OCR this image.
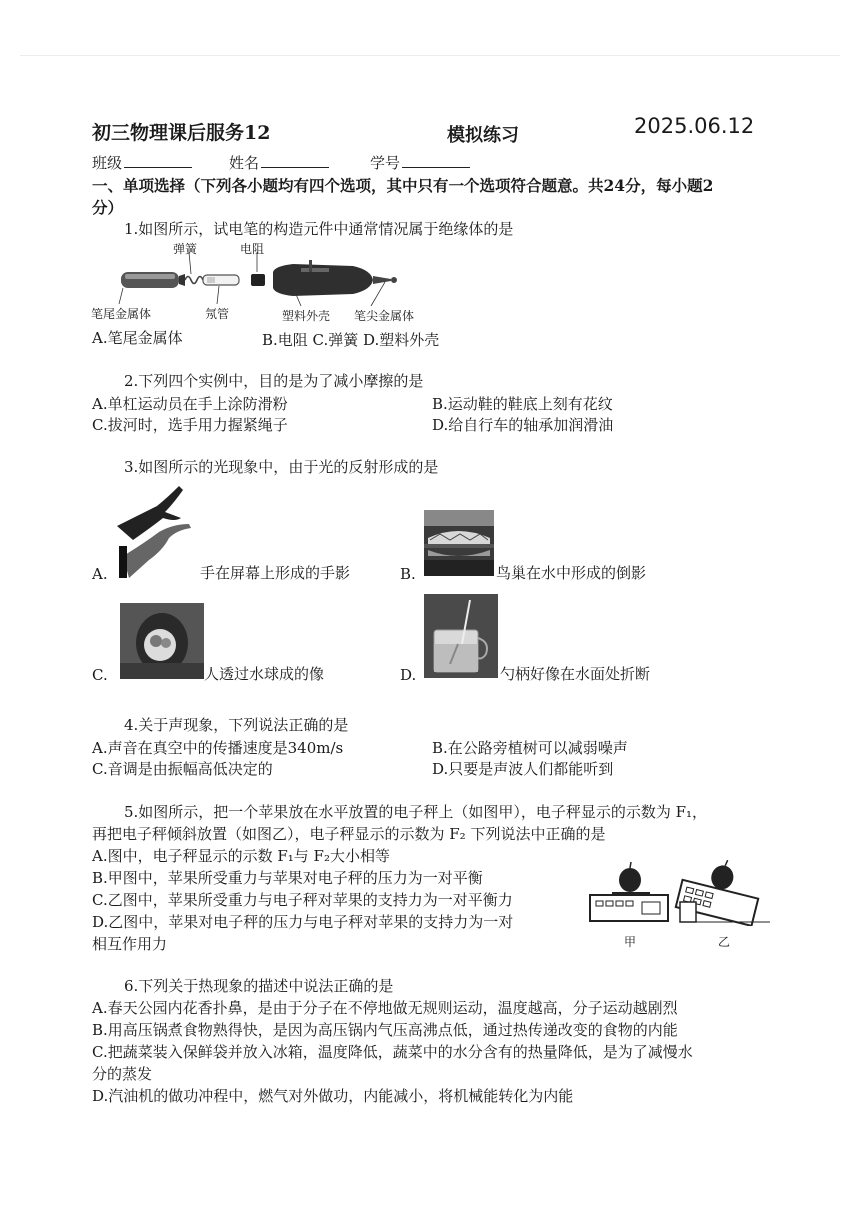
初三物理课后服务12	模拟练习	2025.06.12
班级	姓名	学号
一、单项选择（下列各小题均有四个选项，其中只有一个选项符合题意。共24分，每小题2
分）
1.如图所示，试电笔的构造元件中通常情况属于绝缘体的是
弹簧	电阻
笔尾金属体	氖管	塑料外壳 笔尖金属体
A.笔尾金属体	B.电阻 C.弹簧 D.塑料外壳
2.下列四个实例中，目的是为了减小摩擦的是
A.单杠运动员在手上涂防滑粉	B.运动鞋的鞋底上刻有花纹
C.拔河时，选手用力握紧绳子	D.给自行车的轴承加润滑油
3.如图所示的光现象中，由于光的反射形成的是
A.	手在屏幕上形成的手影	B.	鸟巢在水中形成的倒影
C.	人透过水球成的像	D.	勺柄好像在水面处折断
4.关于声现象，下列说法正确的是
A.声音在真空中的传播速度是340m/s	B.在公路旁植树可以减弱噪声
C.音调是由振幅高低决定的	D.只要是声波人们都能听到
5.如图所示，把一个苹果放在水平放置的电子秤上（如图甲），电子秤显示的示数为 F₁，
再把电子秤倾斜放置（如图乙），电子秤显示的示数为 F₂ 下列说法中正确的是
A.图中，电子秤显示的示数 F₁与 F₂大小相等
B.甲图中，苹果所受重力与苹果对电子秤的压力为一对平衡
C.乙图中，苹果所受重力与电子秤对苹果的支持力为一对平衡力
D.乙图中，苹果对电子秤的压力与电子秤对苹果的支持力为一对
相互作用力	甲	乙
6.下列关于热现象的描述中说法正确的是
A.春天公园内花香扑鼻，是由于分子在不停地做无规则运动，温度越高，分子运动越剧烈
B.用高压锅煮食物熟得快，是因为高压锅内气压高沸点低，通过热传递改变的食物的内能
C.把蔬菜装入保鲜袋并放入冰箱，温度降低，蔬菜中的水分含有的热量降低，是为了减慢水
分的蒸发
D.汽油机的做功冲程中，燃气对外做功，内能减小，将机械能转化为内能
